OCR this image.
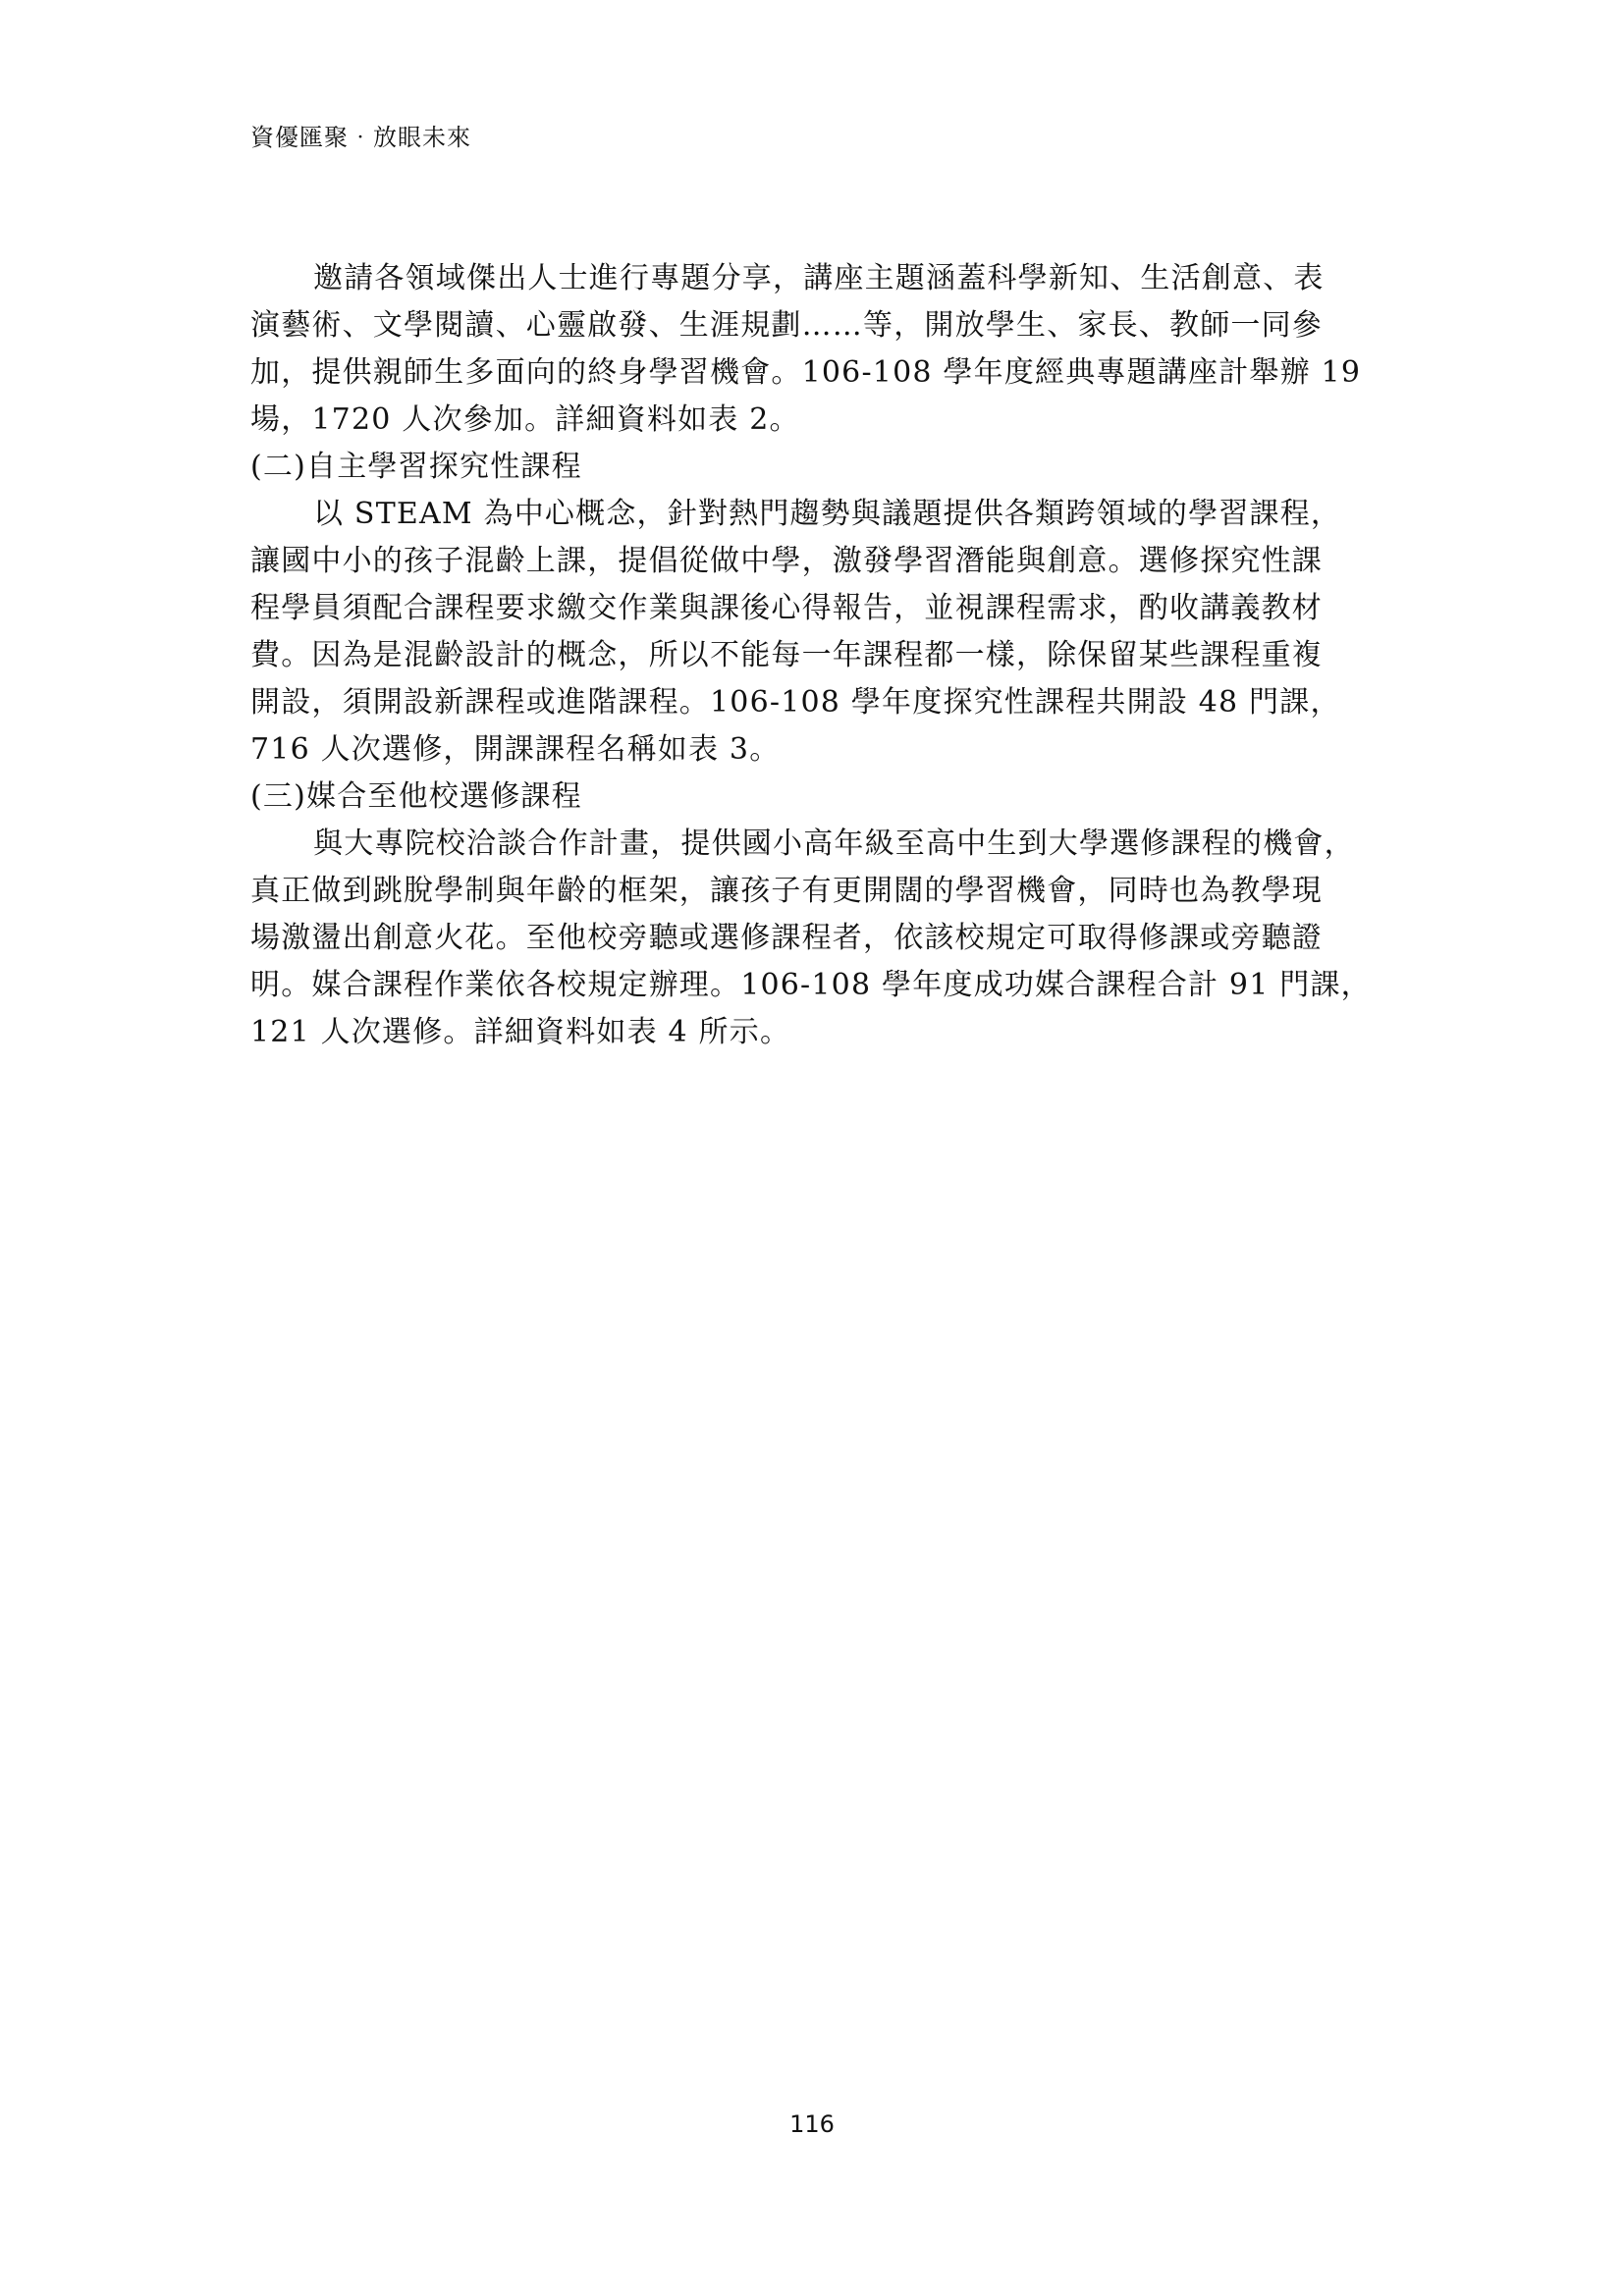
資優匯聚‧放眼未來
邀請各領域傑出人士進行專題分享，講座主題涵蓋科學新知、生活創意、表
演藝術、文學閱讀、心靈啟發、生涯規劃……等，開放學生、家長、教師一同參
加，提供親師生多面向的終身學習機會。106-108 學年度經典專題講座計舉辦 19
場，1720 人次參加。詳細資料如表 2。
(二)自主學習探究性課程
以 STEAM 為中心概念，針對熱門趨勢與議題提供各類跨領域的學習課程，
讓國中小的孩子混齡上課，提倡從做中學，激發學習潛能與創意。選修探究性課
程學員須配合課程要求繳交作業與課後心得報告，並視課程需求，酌收講義教材
費。因為是混齡設計的概念，所以不能每一年課程都一樣，除保留某些課程重複
開設，須開設新課程或進階課程。106-108 學年度探究性課程共開設 48 門課，
716 人次選修，開課課程名稱如表 3。
(三)媒合至他校選修課程
與大專院校洽談合作計畫，提供國小高年級至高中生到大學選修課程的機會，
真正做到跳脫學制與年齡的框架，讓孩子有更開闊的學習機會，同時也為教學現
場激盪出創意火花。至他校旁聽或選修課程者，依該校規定可取得修課或旁聽證
明。媒合課程作業依各校規定辦理。106-108 學年度成功媒合課程合計 91 門課，
121 人次選修。詳細資料如表 4 所示。
116
